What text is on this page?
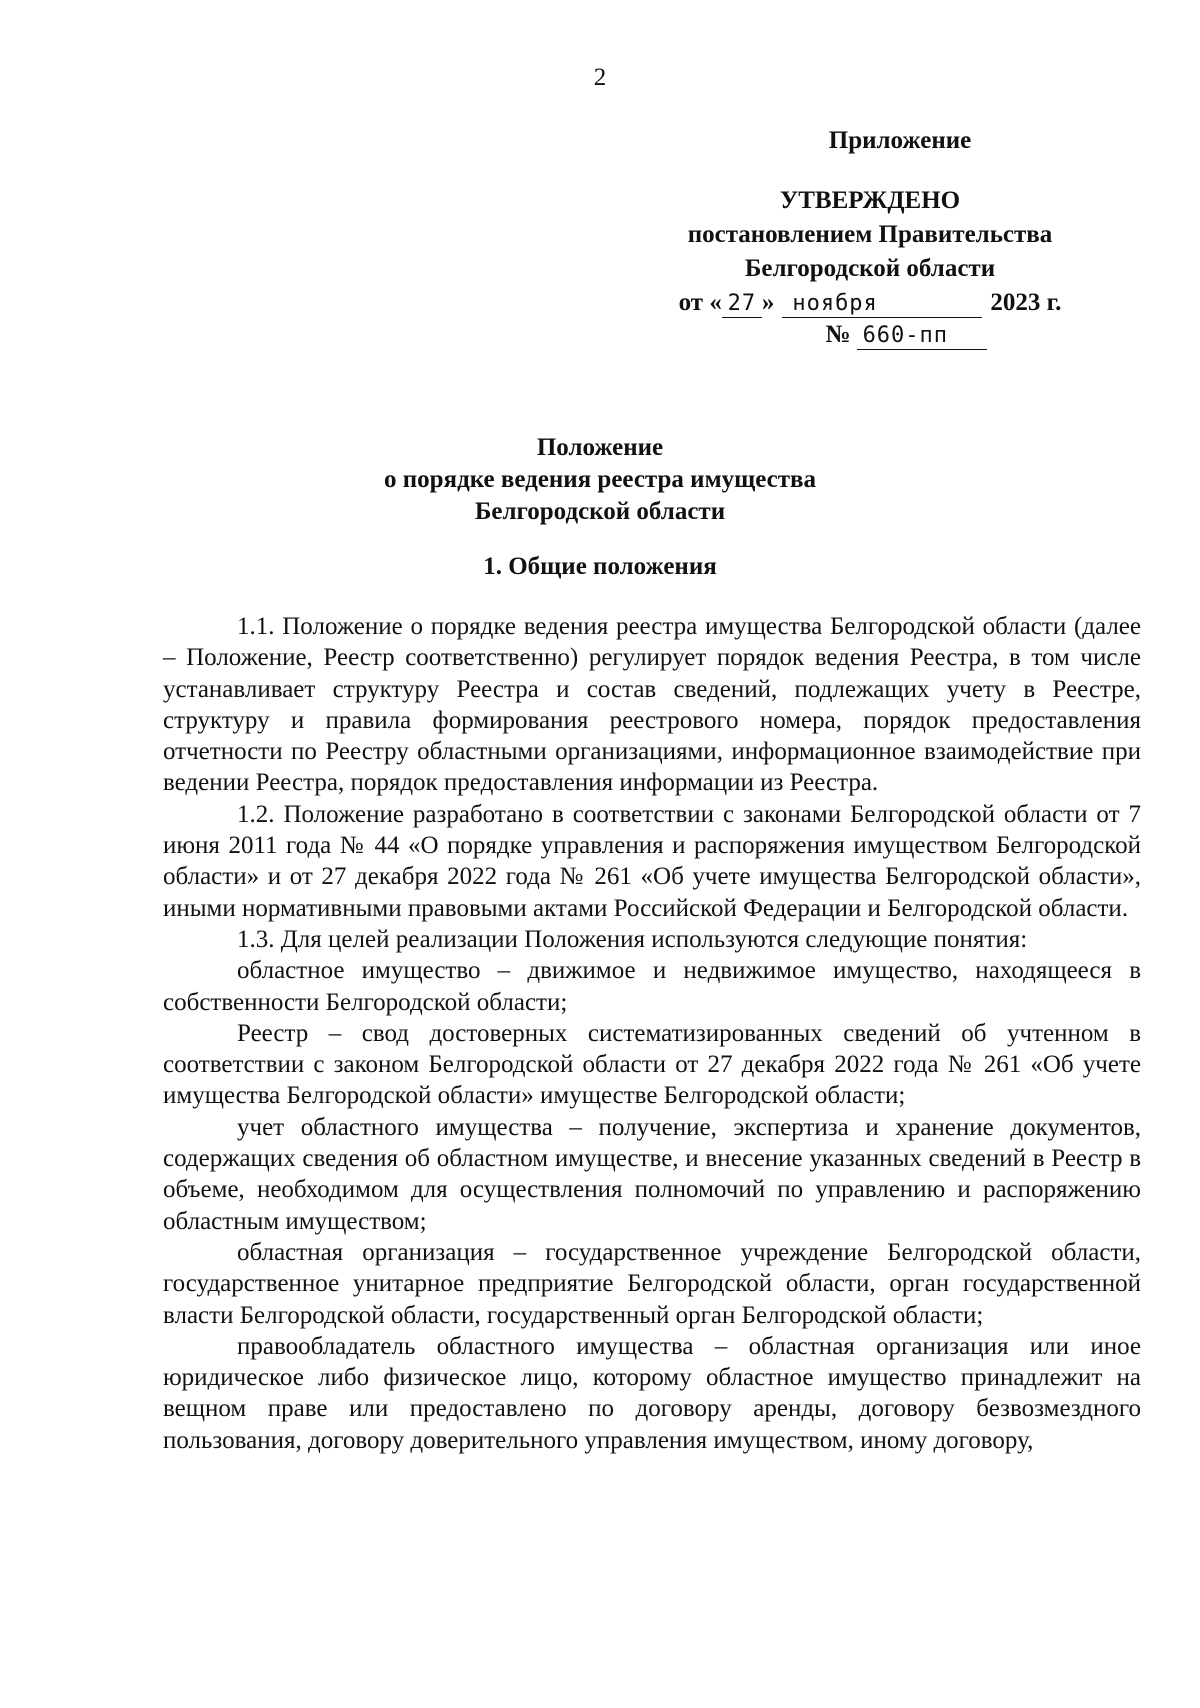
2
Приложение
УТВЕРЖДЕНО
постановлением Правительства
Белгородской области
от « 27 » ноября	2023 г.
№ 660-пп
Положение
о порядке ведения реестра имущества
Белгородской области
1. Общие положения

1.1. Положение о порядке ведения реестра имущества Белгородской области (далее – Положение, Реестр соответственно) регулирует порядок ведения Реестра, в том числе устанавливает структуру Реестра и состав сведений, подлежащих учету в Реестре, структуру и правила формирования реестрового номера, порядок предоставления отчетности по Реестру областными организациями, информационное взаимодействие при ведении Реестра, порядок предоставления информации из Реестра.

1.2. Положение разработано в соответствии с законами Белгородской области от 7 июня 2011 года № 44 «О порядке управления и распоряжения имуществом Белгородской области» и от 27 декабря 2022 года № 261 «Об учете имущества Белгородской области», иными нормативными правовыми актами Российской Федерации и Белгородской области.

1.3. Для целей реализации Положения используются следующие понятия:

областное имущество – движимое и недвижимое имущество, находящееся в собственности Белгородской области;

Реестр – свод достоверных систематизированных сведений об учтенном в соответствии с законом Белгородской области от 27 декабря 2022 года № 261 «Об учете имущества Белгородской области» имуществе Белгородской области;

учет областного имущества – получение, экспертиза и хранение документов, содержащих сведения об областном имуществе, и внесение указанных сведений в Реестр в объеме, необходимом для осуществления полномочий по управлению и распоряжению областным имуществом;

областная организация – государственное учреждение Белгородской области, государственное унитарное предприятие Белгородской области, орган государственной власти Белгородской области, государственный орган Белгородской области;

правообладатель областного имущества – областная организация или иное юридическое либо физическое лицо, которому областное имущество принадлежит на вещном праве или предоставлено по договору аренды, договору безвозмездного пользования, договору доверительного управления имуществом, иному договору,
